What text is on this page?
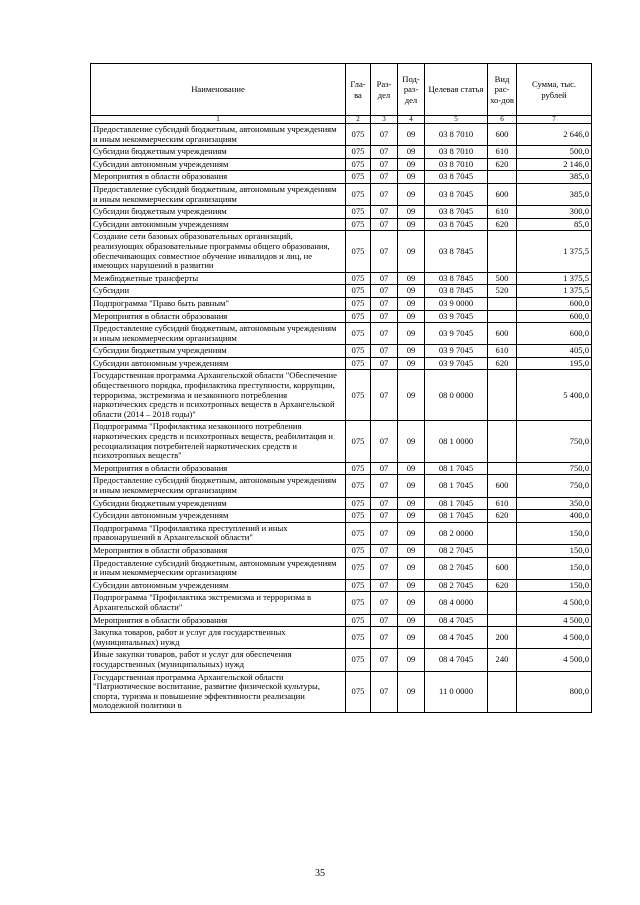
Наименование	Гла-ва	Раз-дел	Под-раз-дел	Целевая статья	Вид рас-хо-дов	Сумма, тыс. рублей
1	2	3	4	5	6	7
Предоставление субсидий бюджетным, автономным учреждениям и иным некоммерческим организациям	075	07	09	03 8 7010	600	2 646,0
Субсидии бюджетным учреждениям	075	07	09	03 8 7010	610	500,0
Субсидии автономным учреждениям	075	07	09	03 8 7010	620	2 146,0
Мероприятия в области образования	075	07	09	03 8 7045		385,0
Предоставление субсидий бюджетным, автономным учреждениям и иным некоммерческим организациям	075	07	09	03 8 7045	600	385,0
Субсидии бюджетным учреждениям	075	07	09	03 8 7045	610	300,0
Субсидии автономным учреждениям	075	07	09	03 8 7045	620	85,0
Создание сети базовых образовательных организаций, реализующих образовательные программы общего образования, обеспечивающих совместное обучение инвалидов и лиц, не имеющих нарушений в развитии	075	07	09	03 8 7845		1 375,5
Межбюджетные трансферты	075	07	09	03 8 7845	500	1 375,5
Субсидии	075	07	09	03 8 7845	520	1 375,5
Подпрограмма "Право быть равным"	075	07	09	03 9 0000		600,0
Мероприятия в области образования	075	07	09	03 9 7045		600,0
Предоставление субсидий бюджетным, автономным учреждениям и иным некоммерческим организациям	075	07	09	03 9 7045	600	600,0
Субсидии бюджетным учреждениям	075	07	09	03 9 7045	610	405,0
Субсидии автономным учреждениям	075	07	09	03 9 7045	620	195,0
Государственная программа Архангельской области "Обеспечение общественного порядка, профилактика преступности, коррупции, терроризма, экстремизма и незаконного потребления наркотических средств и психотропных веществ в Архангельской области (2014 – 2018 годы)"	075	07	09	08 0 0000		5 400,0
Подпрограмма "Профилактика незаконного потребления наркотических средств и психотропных веществ, реабилитация и ресоциализация потребителей наркотических средств и психотропных веществ"	075	07	09	08 1 0000		750,0
Мероприятия в области образования	075	07	09	08 1 7045		750,0
Предоставление субсидий бюджетным, автономным учреждениям и иным некоммерческим организациям	075	07	09	08 1 7045	600	750,0
Субсидии бюджетным учреждениям	075	07	09	08 1 7045	610	350,0
Субсидии автономным учреждениям	075	07	09	08 1 7045	620	400,0
Подпрограмма "Профилактика преступлений и иных правонарушений в Архангельской области"	075	07	09	08 2 0000		150,0
Мероприятия в области образования	075	07	09	08 2 7045		150,0
Предоставление субсидий бюджетным, автономным учреждениям и иным некоммерческим организациям	075	07	09	08 2 7045	600	150,0
Субсидии автономным учреждениям	075	07	09	08 2 7045	620	150,0
Подпрограмма "Профилактика экстремизма и терроризма в Архангельской области"	075	07	09	08 4 0000		4 500,0
Мероприятия в области образования	075	07	09	08 4 7045		4 500,0
Закупка товаров, работ и услуг для государственных (муниципальных) нужд	075	07	09	08 4 7045	200	4 500,0
Иные закупки товаров, работ и услуг для обеспечения государственных (муниципальных) нужд	075	07	09	08 4 7045	240	4 500,0
Государственная программа Архангельской области "Патриотическое воспитание, развитие физической культуры, спорта, туризма и повышение эффективности реализации молодежной политики в	075	07	09	11 0 0000		800,0
35
